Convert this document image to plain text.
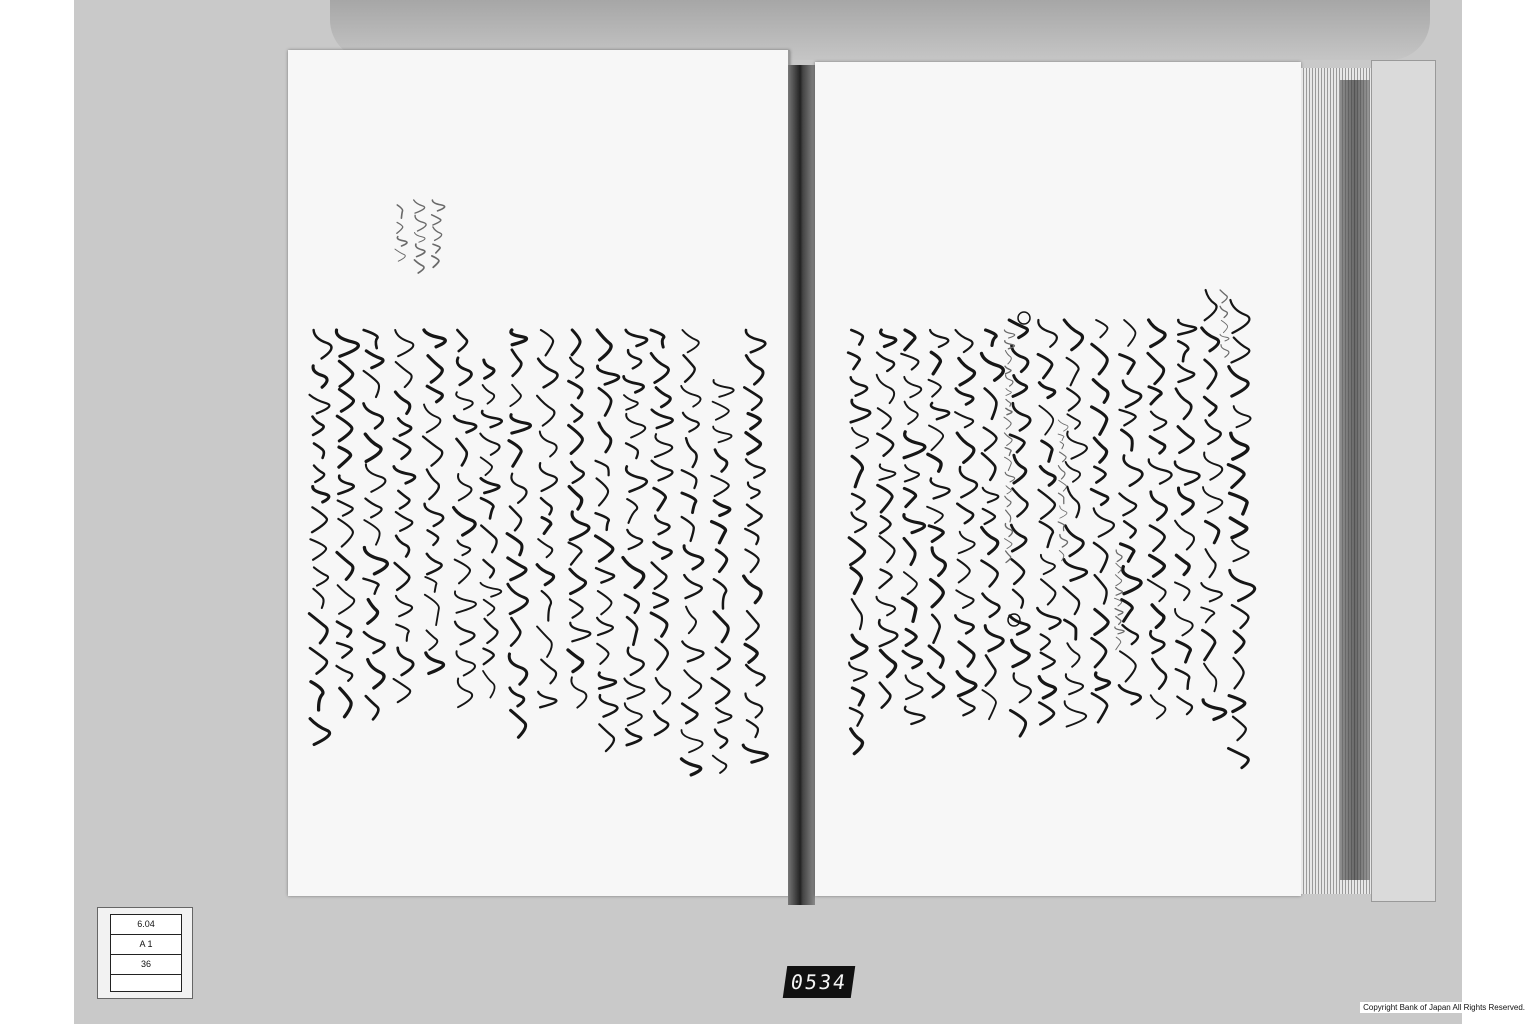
6.04
A 1
36
0534
Copyright Bank of Japan All Rights Reserved.
